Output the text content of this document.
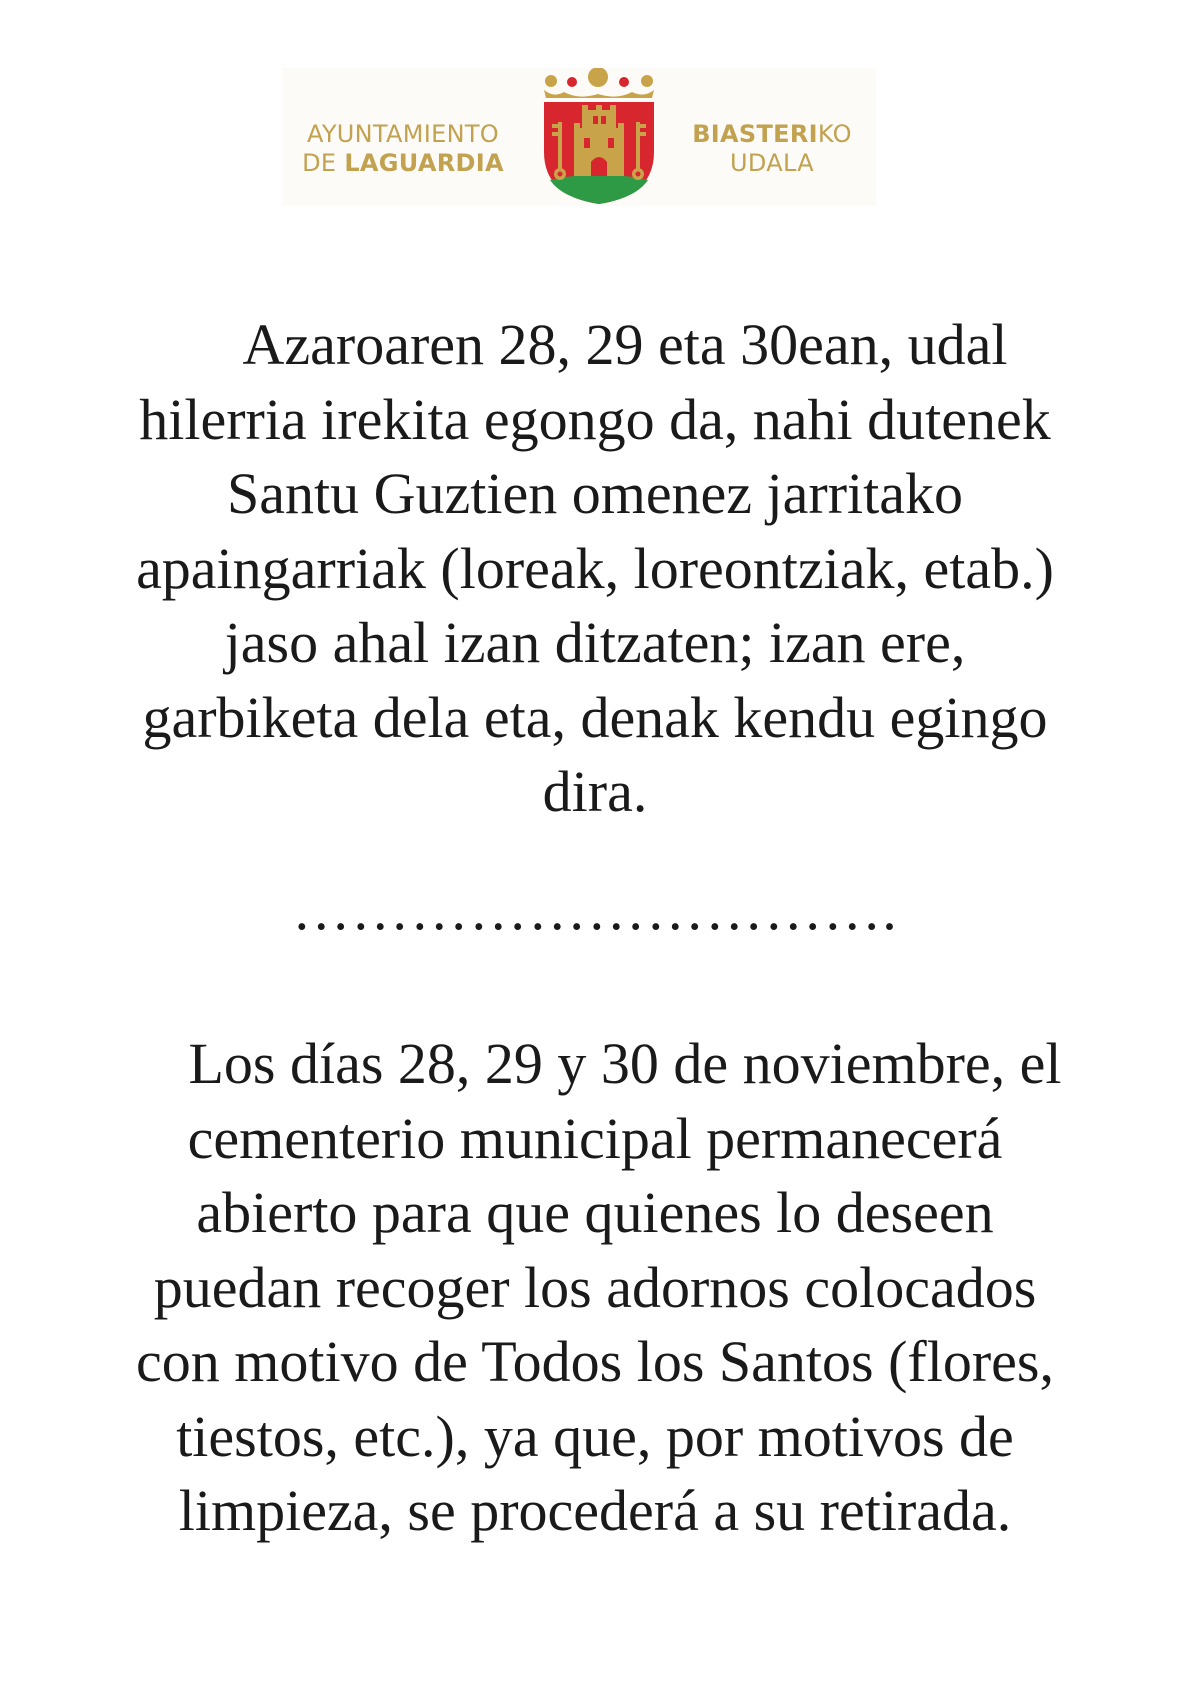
AYUNTAMIENTO
DE LAGUARDIA
BIASTERIKO
UDALA

Azaroaren 28, 29 eta 30ean, udal
hilerria irekita egongo da, nahi dutenek
Santu Guztien omenez jarritako
apaingarriak (loreak, loreontziak, etab.)
jaso ahal izan ditzaten; izan ere,
garbiketa dela eta, denak kendu egingo
dira.

………………………….

Los días 28, 29 y 30 de noviembre, el
cementerio municipal permanecerá
abierto para que quienes lo deseen
puedan recoger los adornos colocados
con motivo de Todos los Santos (flores,
tiestos, etc.), ya que, por motivos de
limpieza, se procederá a su retirada.
